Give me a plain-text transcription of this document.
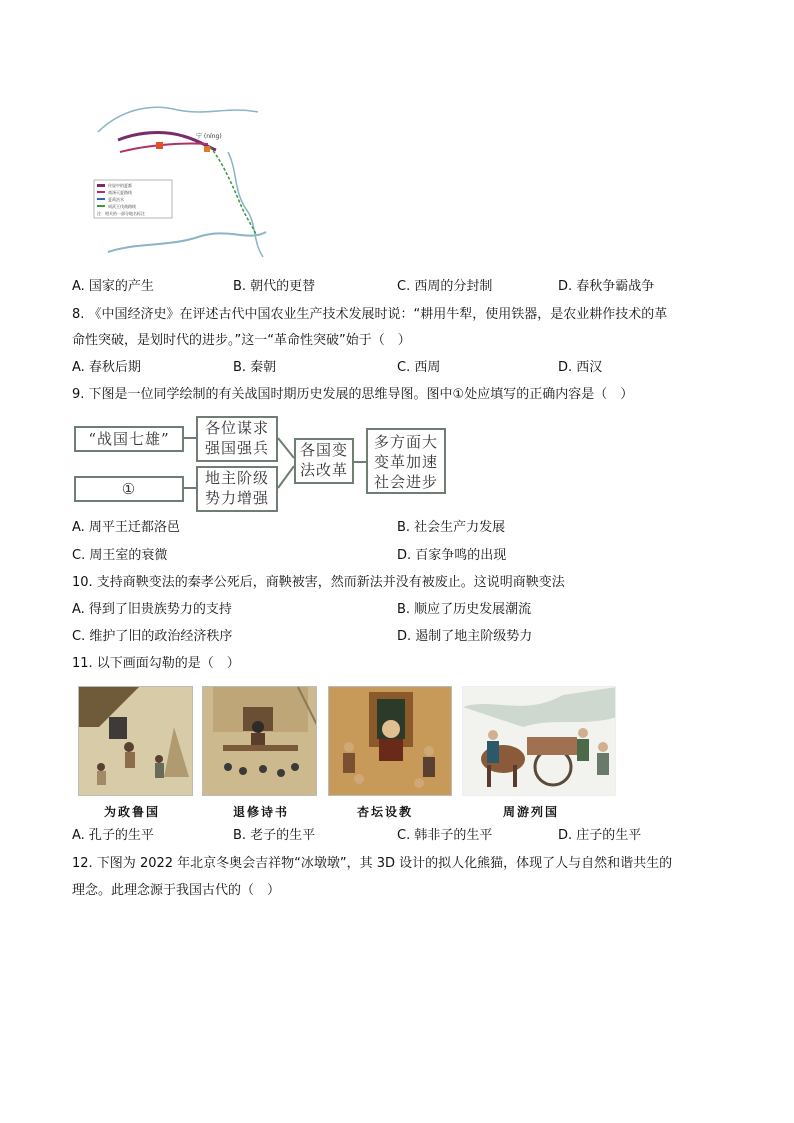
宁 (níng)
传说中的夏都
商汤灭夏路线
夏禹治水
周武王伐商路线
注：相关的一部分地名标注
A. 国家的产生	B. 朝代的更替	C. 西周的分封制	D. 春秋争霸战争
8. 《中国经济史》在评述古代中国农业生产技术发展时说：“耕用牛犁，使用铁器，是农业耕作技术的革
命性突破，是划时代的进步。”这一“革命性突破”始于（　）
A. 春秋后期	B. 秦朝	C. 西周	D. 西汉
9. 下图是一位同学绘制的有关战国时期历史发展的思维导图。图中①处应填写的正确内容是（　）
“战国七雄”
各位谋求
强国强兵
①
地主阶级
势力增强
各国变
法改革
多方面大
变革加速
社会进步
A. 周平王迁都洛邑	B. 社会生产力发展
C. 周王室的衰微	D. 百家争鸣的出现
10. 支持商鞅变法的秦孝公死后，商鞅被害，然而新法并没有被废止。这说明商鞅变法
A. 得到了旧贵族势力的支持	B. 顺应了历史发展潮流
C. 维护了旧的政治经济秩序	D. 遏制了地主阶级势力
11. 以下画面勾勒的是（　）
为政鲁国	退修诗书	杏坛设教	周游列国
A. 孔子的生平	B. 老子的生平	C. 韩非子的生平	D. 庄子的生平
12. 下图为 2022 年北京冬奥会吉祥物“冰墩墩”，其 3D 设计的拟人化熊猫，体现了人与自然和谐共生的
理念。此理念源于我国古代的（　）
